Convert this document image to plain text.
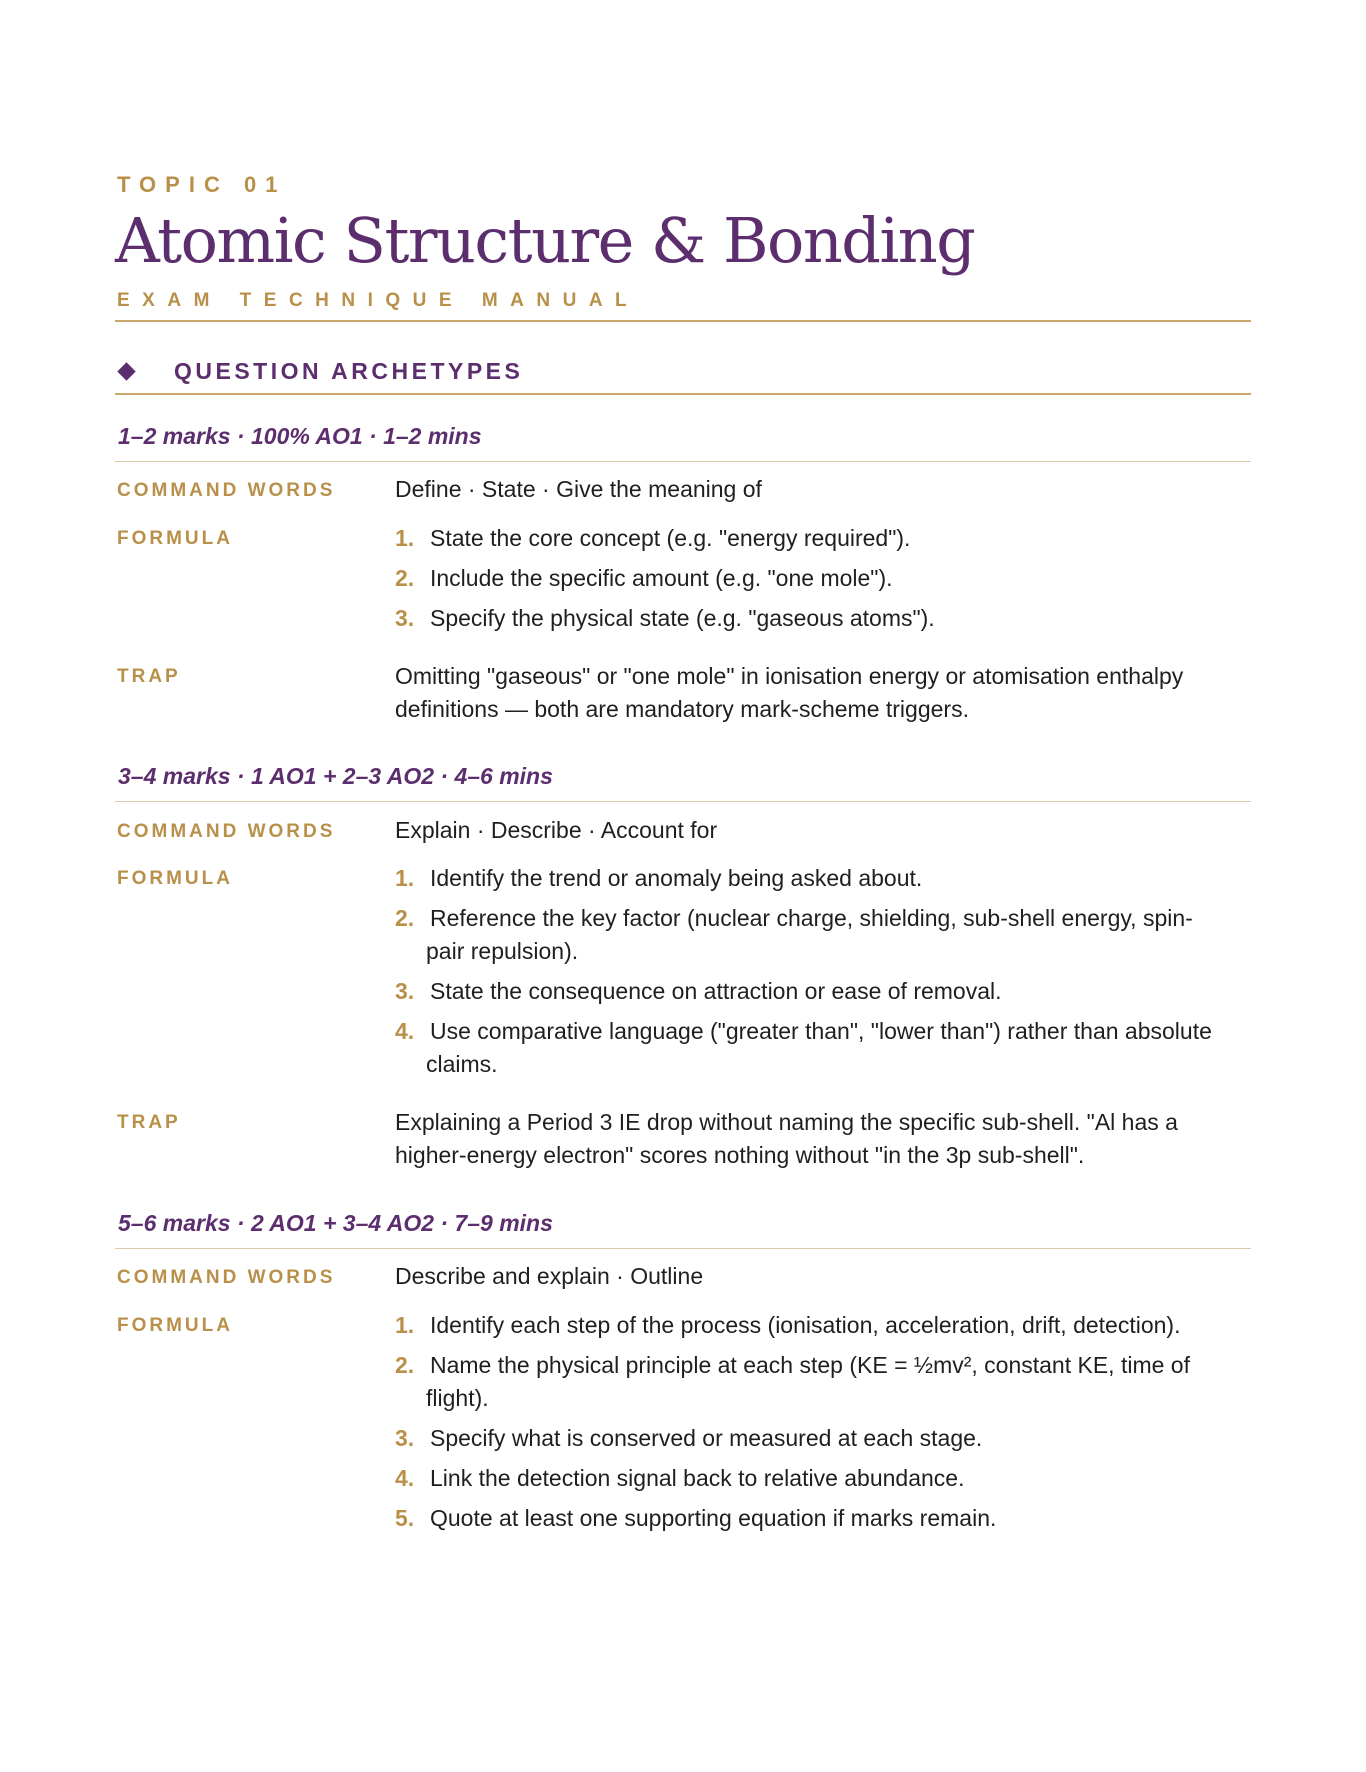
TOPIC 01
Atomic Structure & Bonding
EXAM TECHNIQUE MANUAL
QUESTION ARCHETYPES
1–2 marks · 100% AO1 · 1–2 mins
COMMAND WORDS	Define · State · Give the meaning of
FORMULA	1. State the core concept (e.g. "energy required").
2. Include the specific amount (e.g. "one mole").
3. Specify the physical state (e.g. "gaseous atoms").
TRAP	Omitting "gaseous" or "one mole" in ionisation energy or atomisation enthalpy definitions — both are mandatory mark-scheme triggers.
3–4 marks · 1 AO1 + 2–3 AO2 · 4–6 mins
COMMAND WORDS	Explain · Describe · Account for
FORMULA	1. Identify the trend or anomaly being asked about.
2. Reference the key factor (nuclear charge, shielding, sub-shell energy, spin-pair repulsion).
3. State the consequence on attraction or ease of removal.
4. Use comparative language ("greater than", "lower than") rather than absolute claims.
TRAP	Explaining a Period 3 IE drop without naming the specific sub-shell. "Al has a higher-energy electron" scores nothing without "in the 3p sub-shell".
5–6 marks · 2 AO1 + 3–4 AO2 · 7–9 mins
COMMAND WORDS	Describe and explain · Outline
FORMULA	1. Identify each step of the process (ionisation, acceleration, drift, detection).
2. Name the physical principle at each step (KE = ½mv², constant KE, time of flight).
3. Specify what is conserved or measured at each stage.
4. Link the detection signal back to relative abundance.
5. Quote at least one supporting equation if marks remain.
